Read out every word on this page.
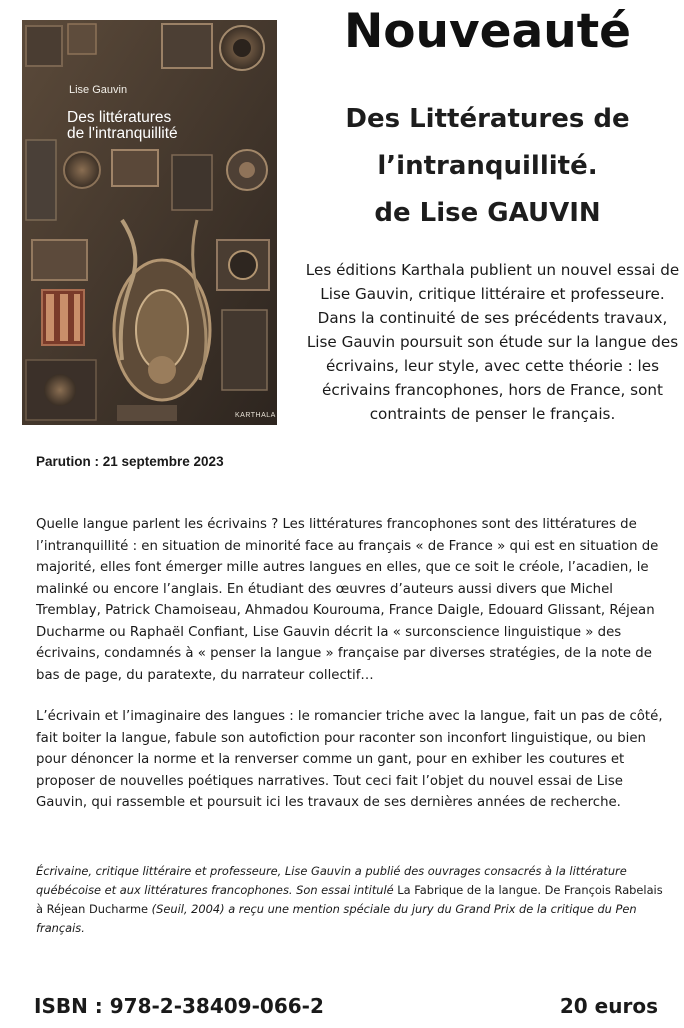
Lise Gauvin
Des littératures
de l'intranquillité
KARTHALA
Parution : 21 septembre 2023
Nouveauté
Des Littératures de
l’intranquillité.
de Lise GAUVIN
Les éditions Karthala publient un nouvel essai de Lise Gauvin, critique littéraire et professeure. Dans la continuité de ses précédents travaux, Lise Gauvin poursuit son étude sur la langue des écrivains, leur style, avec cette théorie : les écrivains francophones, hors de France, sont contraints de penser le français.
Quelle langue parlent les écrivains ? Les littératures francophones sont des littératures de l’intranquillité : en situation de minorité face au français « de France » qui est en situation de majorité, elles font émerger mille autres langues en elles, que ce soit le créole, l’acadien, le malinké ou encore l’anglais. En étudiant des œuvres d’auteurs aussi divers que Michel Tremblay, Patrick Chamoiseau, Ahmadou Kourouma, France Daigle, Edouard Glissant, Réjean Ducharme ou Raphaël Confiant, Lise Gauvin décrit la « surconscience linguistique » des écrivains, condamnés à « penser la langue » française par diverses stratégies, de la note de bas de page, du paratexte, du narrateur collectif…
L’écrivain et l’imaginaire des langues : le romancier triche avec la langue, fait un pas de côté, fait boiter la langue, fabule son autofiction pour raconter son inconfort linguistique, ou bien pour dénoncer la norme et la renverser comme un gant, pour en exhiber les coutures et proposer de nouvelles poétiques narratives. Tout ceci fait l’objet du nouvel essai de Lise Gauvin, qui rassemble et poursuit ici les travaux de ses dernières années de recherche.
Écrivaine, critique littéraire et professeure, Lise Gauvin a publié des ouvrages consacrés à la littérature québécoise et aux littératures francophones. Son essai intitulé La Fabrique de la langue. De François Rabelais à Réjean Ducharme (Seuil, 2004) a reçu une mention spéciale du jury du Grand Prix de la critique du Pen français.
ISBN : 978-2-38409-066-2	20 euros
